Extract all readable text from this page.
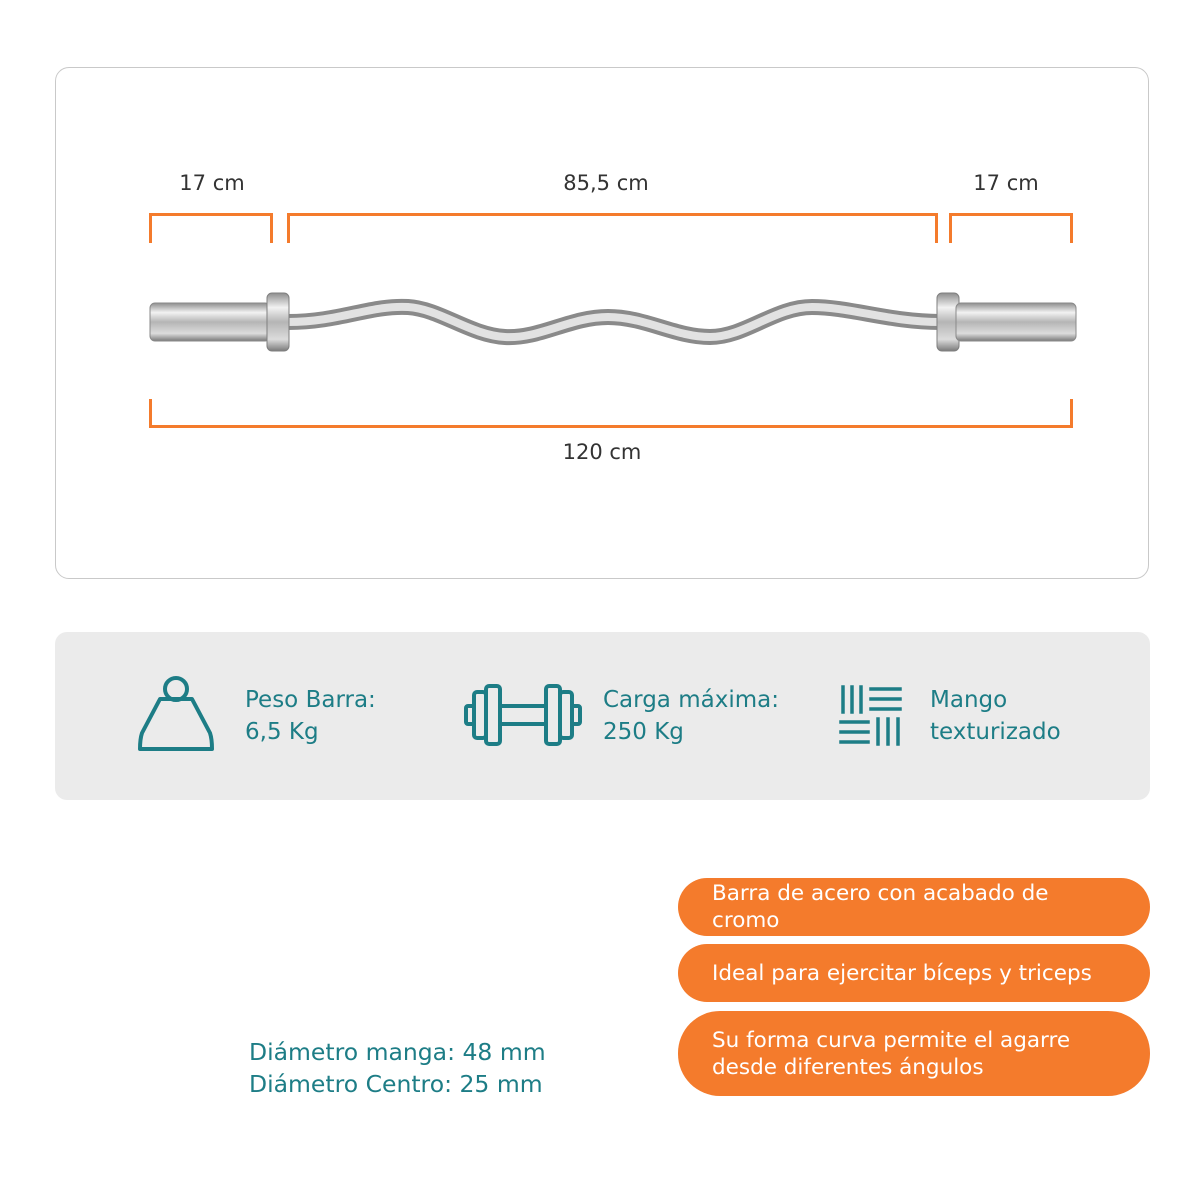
17 cm	85,5 cm	17 cm
120 cm
Peso Barra:
6,5 Kg
Carga máxima:
250 Kg
Mango
texturizado
Barra de acero con acabado de cromo
Ideal para ejercitar bíceps y triceps
Su forma curva permite el agarre desde diferentes ángulos
Diámetro manga: 48 mm
Diámetro Centro: 25 mm
